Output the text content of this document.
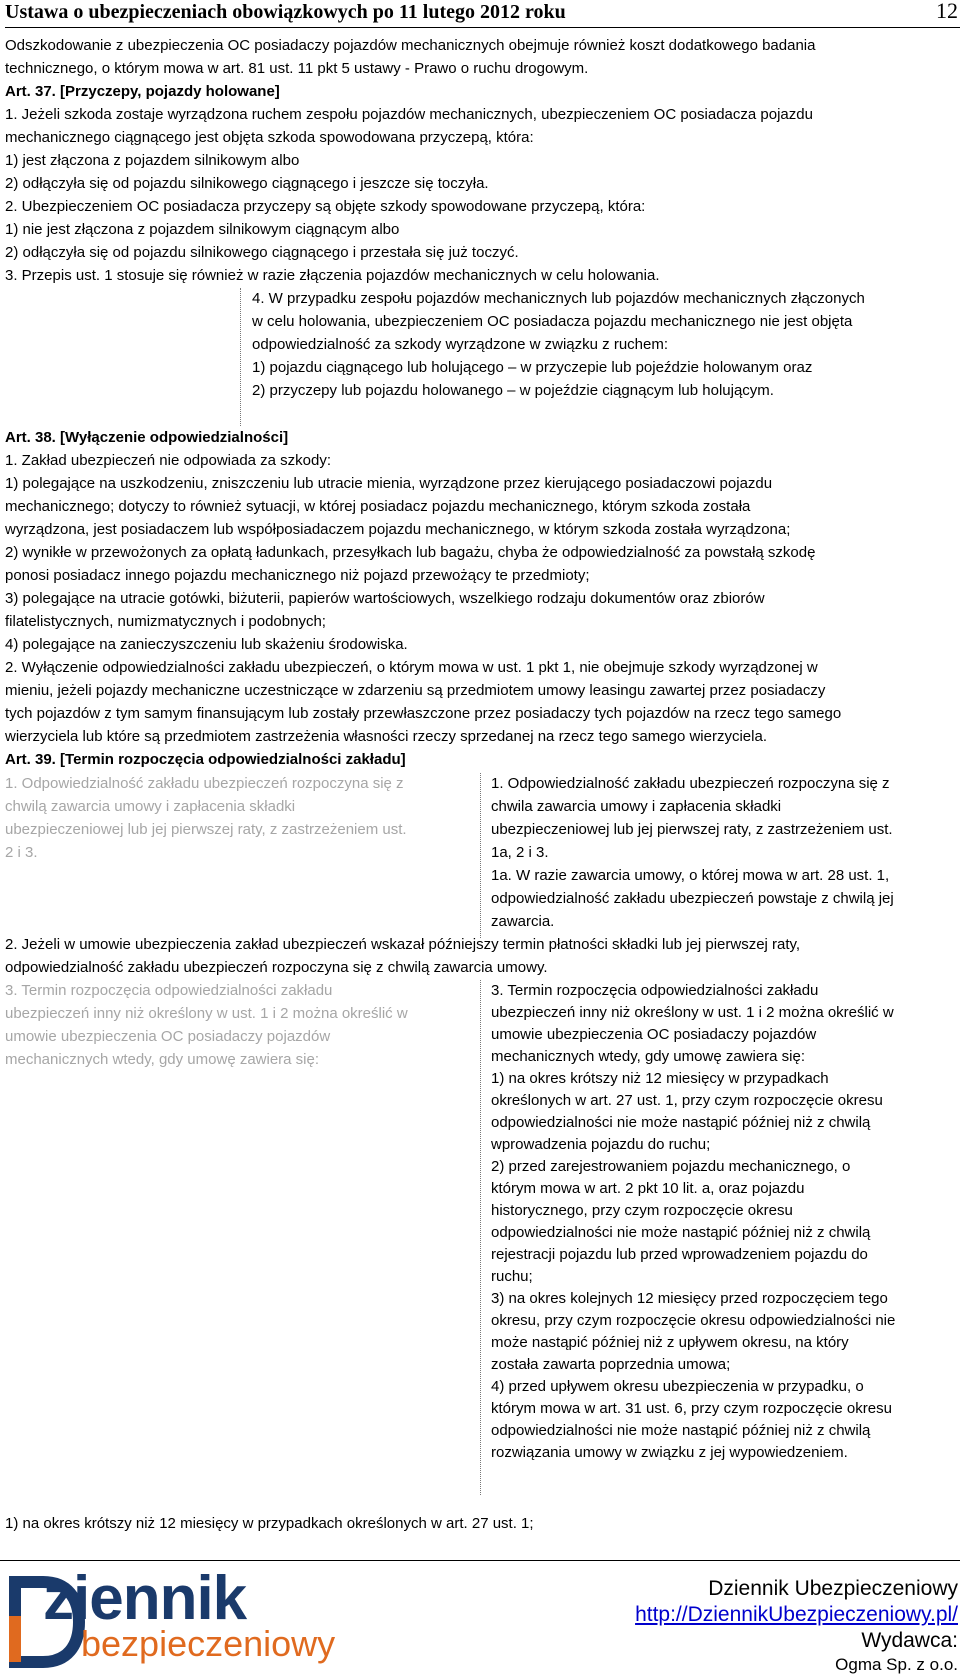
Ustawa o ubezpieczeniach obowiązkowych po 11 lutego 2012 roku	12
Odszkodowanie z ubezpieczenia OC posiadaczy pojazdów mechanicznych obejmuje również koszt dodatkowego badania
technicznego, o którym mowa w art. 81 ust. 11 pkt 5 ustawy - Prawo o ruchu drogowym.
Art. 37. [Przyczepy, pojazdy holowane]
1. Jeżeli szkoda zostaje wyrządzona ruchem zespołu pojazdów mechanicznych, ubezpieczeniem OC posiadacza pojazdu
mechanicznego ciągnącego jest objęta szkoda spowodowana przyczepą, która:
1) jest złączona z pojazdem silnikowym albo
2) odłączyła się od pojazdu silnikowego ciągnącego i jeszcze się toczyła.
2. Ubezpieczeniem OC posiadacza przyczepy są objęte szkody spowodowane przyczepą, która:
1) nie jest złączona z pojazdem silnikowym ciągnącym albo
2) odłączyła się od pojazdu silnikowego ciągnącego i przestała się już toczyć.
3. Przepis ust. 1 stosuje się również w razie złączenia pojazdów mechanicznych w celu holowania.
4. W przypadku zespołu pojazdów mechanicznych lub pojazdów mechanicznych złączonych
w celu holowania, ubezpieczeniem OC posiadacza pojazdu mechanicznego nie jest objęta
odpowiedzialność za szkody wyrządzone w związku z ruchem:
1) pojazdu ciągnącego lub holującego – w przyczepie lub pojeździe holowanym oraz
2) przyczepy lub pojazdu holowanego – w pojeździe ciągnącym lub holującym.
Art. 38. [Wyłączenie odpowiedzialności]
1. Zakład ubezpieczeń nie odpowiada za szkody:
1) polegające na uszkodzeniu, zniszczeniu lub utracie mienia, wyrządzone przez kierującego posiadaczowi pojazdu
mechanicznego; dotyczy to również sytuacji, w której posiadacz pojazdu mechanicznego, którym szkoda została
wyrządzona, jest posiadaczem lub współposiadaczem pojazdu mechanicznego, w którym szkoda została wyrządzona;
2) wynikłe w przewożonych za opłatą ładunkach, przesyłkach lub bagażu, chyba że odpowiedzialność za powstałą szkodę
ponosi posiadacz innego pojazdu mechanicznego niż pojazd przewożący te przedmioty;
3) polegające na utracie gotówki, biżuterii, papierów wartościowych, wszelkiego rodzaju dokumentów oraz zbiorów
filatelistycznych, numizmatycznych i podobnych;
4) polegające na zanieczyszczeniu lub skażeniu środowiska.
2. Wyłączenie odpowiedzialności zakładu ubezpieczeń, o którym mowa w ust. 1 pkt 1, nie obejmuje szkody wyrządzonej w
mieniu, jeżeli pojazdy mechaniczne uczestniczące w zdarzeniu są przedmiotem umowy leasingu zawartej przez posiadaczy
tych pojazdów z tym samym finansującym lub zostały przewłaszczone przez posiadaczy tych pojazdów na rzecz tego samego
wierzyciela lub które są przedmiotem zastrzeżenia własności rzeczy sprzedanej na rzecz tego samego wierzyciela.
Art. 39. [Termin rozpoczęcia odpowiedzialności zakładu]
1. Odpowiedzialność zakładu ubezpieczeń rozpoczyna się z
chwilą zawarcia umowy i zapłacenia składki
ubezpieczeniowej lub jej pierwszej raty, z zastrzeżeniem ust.
2 i 3.
1. Odpowiedzialność zakładu ubezpieczeń rozpoczyna się z
chwila zawarcia umowy i zapłacenia składki
ubezpieczeniowej lub jej pierwszej raty, z zastrzeżeniem ust.
1a, 2 i 3.
1a. W razie zawarcia umowy, o której mowa w art. 28 ust. 1,
odpowiedzialność zakładu ubezpieczeń powstaje z chwilą jej
zawarcia.
2. Jeżeli w umowie ubezpieczenia zakład ubezpieczeń wskazał późniejszy termin płatności składki lub jej pierwszej raty,
odpowiedzialność zakładu ubezpieczeń rozpoczyna się z chwilą zawarcia umowy.
3. Termin rozpoczęcia odpowiedzialności zakładu
ubezpieczeń inny niż określony w ust. 1 i 2 można określić w
umowie ubezpieczenia OC posiadaczy pojazdów
mechanicznych wtedy, gdy umowę zawiera się:
3. Termin rozpoczęcia odpowiedzialności zakładu
ubezpieczeń inny niż określony w ust. 1 i 2 można określić w
umowie ubezpieczenia OC posiadaczy pojazdów
mechanicznych wtedy, gdy umowę zawiera się:
1) na okres krótszy niż 12 miesięcy w przypadkach
określonych w art. 27 ust. 1, przy czym rozpoczęcie okresu
odpowiedzialności nie może nastąpić później niż z chwilą
wprowadzenia pojazdu do ruchu;
2) przed zarejestrowaniem pojazdu mechanicznego, o
którym mowa w art. 2 pkt 10 lit. a, oraz pojazdu
historycznego, przy czym rozpoczęcie okresu
odpowiedzialności nie może nastąpić później niż z chwilą
rejestracji pojazdu lub przed wprowadzeniem pojazdu do
ruchu;
3) na okres kolejnych 12 miesięcy przed rozpoczęciem tego
okresu, przy czym rozpoczęcie okresu odpowiedzialności nie
może nastąpić później niż z upływem okresu, na który
została zawarta poprzednia umowa;
4) przed upływem okresu ubezpieczenia w przypadku, o
którym mowa w art. 31 ust. 6, przy czym rozpoczęcie okresu
odpowiedzialności nie może nastąpić później niż z chwilą
rozwiązania umowy w związku z jej wypowiedzeniem.
1) na okres krótszy niż 12 miesięcy w przypadkach określonych w art. 27 ust. 1;
ziennik
bezpieczeniowy
Dziennik Ubezpieczeniowy
http://DziennikUbezpieczeniowy.pl/
Wydawca:
Ogma Sp. z o.o.
